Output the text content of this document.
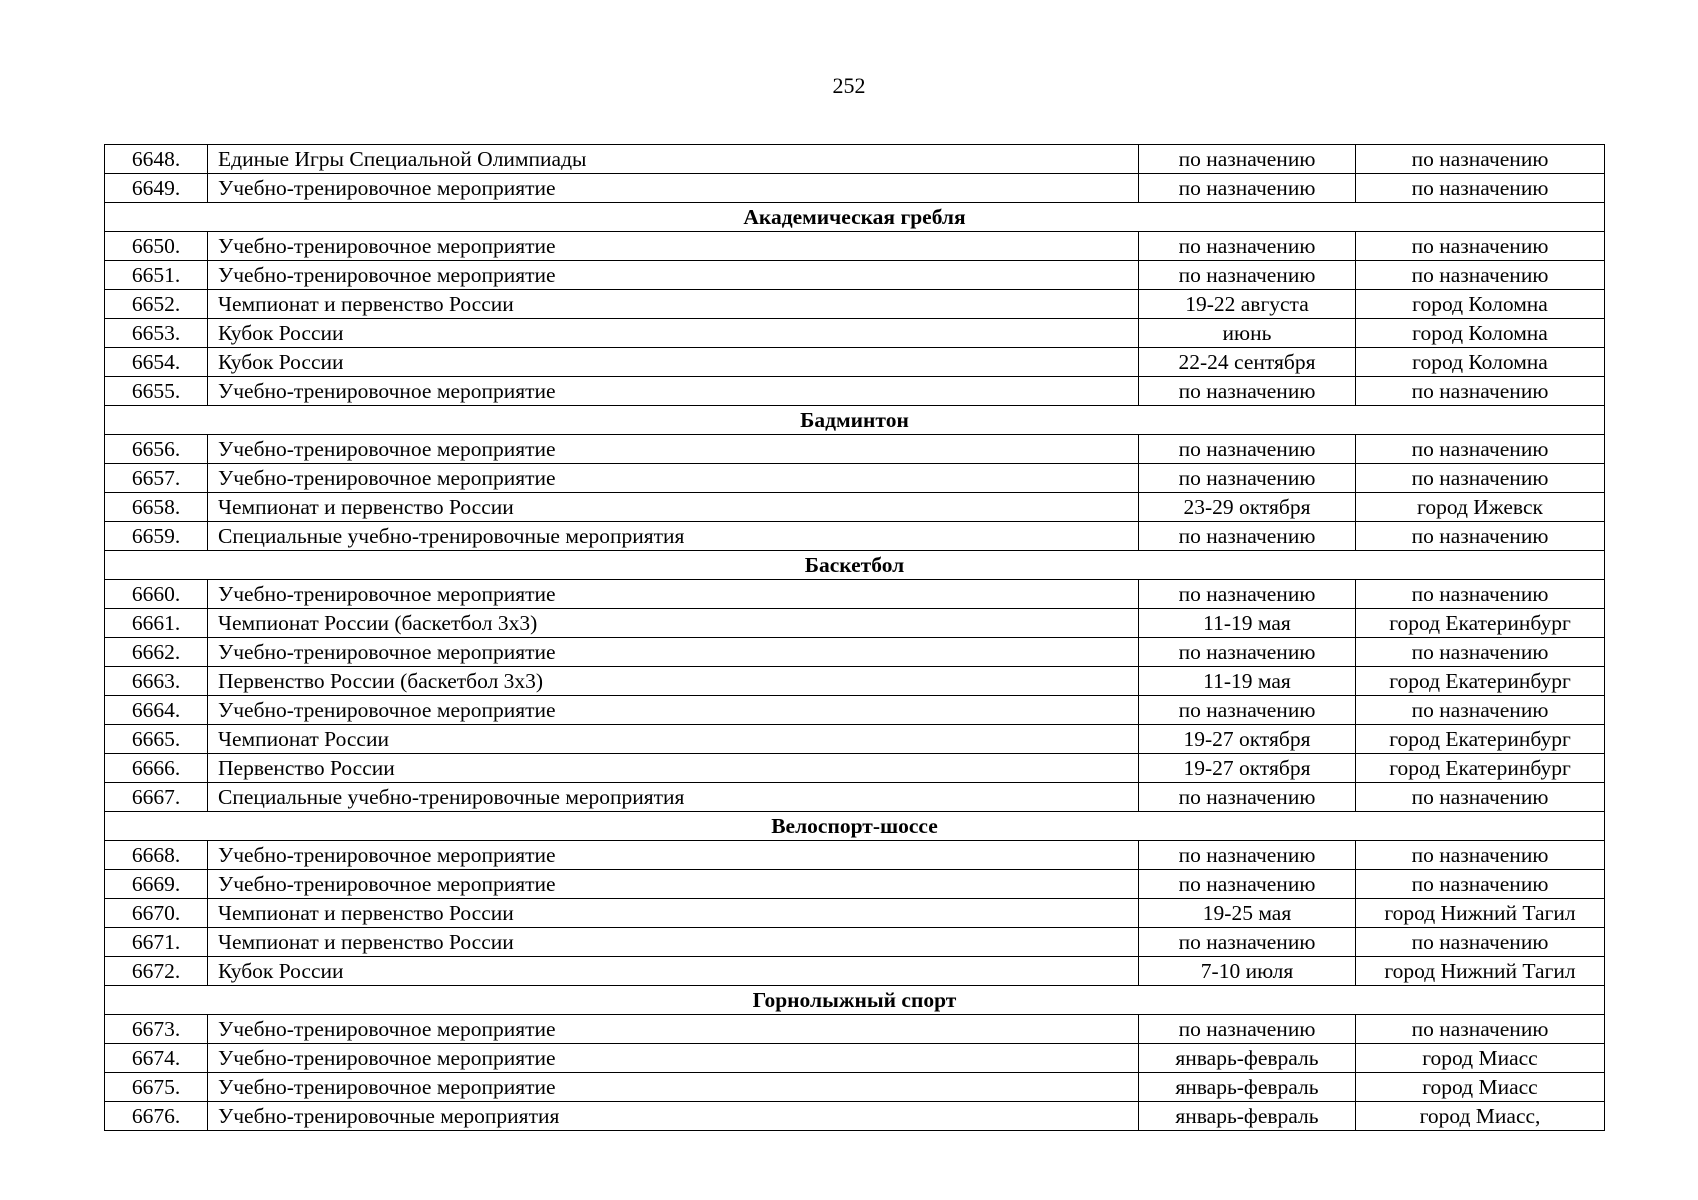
252
6648.	Единые Игры Специальной Олимпиады	по назначению	по назначению
6649.	Учебно-тренировочное мероприятие	по назначению	по назначению
Академическая гребля			
6650.	Учебно-тренировочное мероприятие	по назначению	по назначению
6651.	Учебно-тренировочное мероприятие	по назначению	по назначению
6652.	Чемпионат и первенство России	19-22 августа	город Коломна
6653.	Кубок России	июнь	город Коломна
6654.	Кубок России	22-24 сентября	город Коломна
6655.	Учебно-тренировочное мероприятие	по назначению	по назначению
Бадминтон			
6656.	Учебно-тренировочное мероприятие	по назначению	по назначению
6657.	Учебно-тренировочное мероприятие	по назначению	по назначению
6658.	Чемпионат и первенство России	23-29 октября	город Ижевск
6659.	Специальные учебно-тренировочные мероприятия	по назначению	по назначению
Баскетбол			
6660.	Учебно-тренировочное мероприятие	по назначению	по назначению
6661.	Чемпионат России (баскетбол 3x3)	11-19 мая	город Екатеринбург
6662.	Учебно-тренировочное мероприятие	по назначению	по назначению
6663.	Первенство России (баскетбол 3x3)	11-19 мая	город Екатеринбург
6664.	Учебно-тренировочное мероприятие	по назначению	по назначению
6665.	Чемпионат России	19-27 октября	город Екатеринбург
6666.	Первенство России	19-27 октября	город Екатеринбург
6667.	Специальные учебно-тренировочные мероприятия	по назначению	по назначению
Велоспорт-шоссе			
6668.	Учебно-тренировочное мероприятие	по назначению	по назначению
6669.	Учебно-тренировочное мероприятие	по назначению	по назначению
6670.	Чемпионат и первенство России	19-25 мая	город Нижний Тагил
6671.	Чемпионат и первенство России	по назначению	по назначению
6672.	Кубок России	7-10 июля	город Нижний Тагил
Горнолыжный спорт			
6673.	Учебно-тренировочное мероприятие	по назначению	по назначению
6674.	Учебно-тренировочное мероприятие	январь-февраль	город Миасс
6675.	Учебно-тренировочное мероприятие	январь-февраль	город Миасс
6676.	Учебно-тренировочные мероприятия	январь-февраль	город Миасс,
